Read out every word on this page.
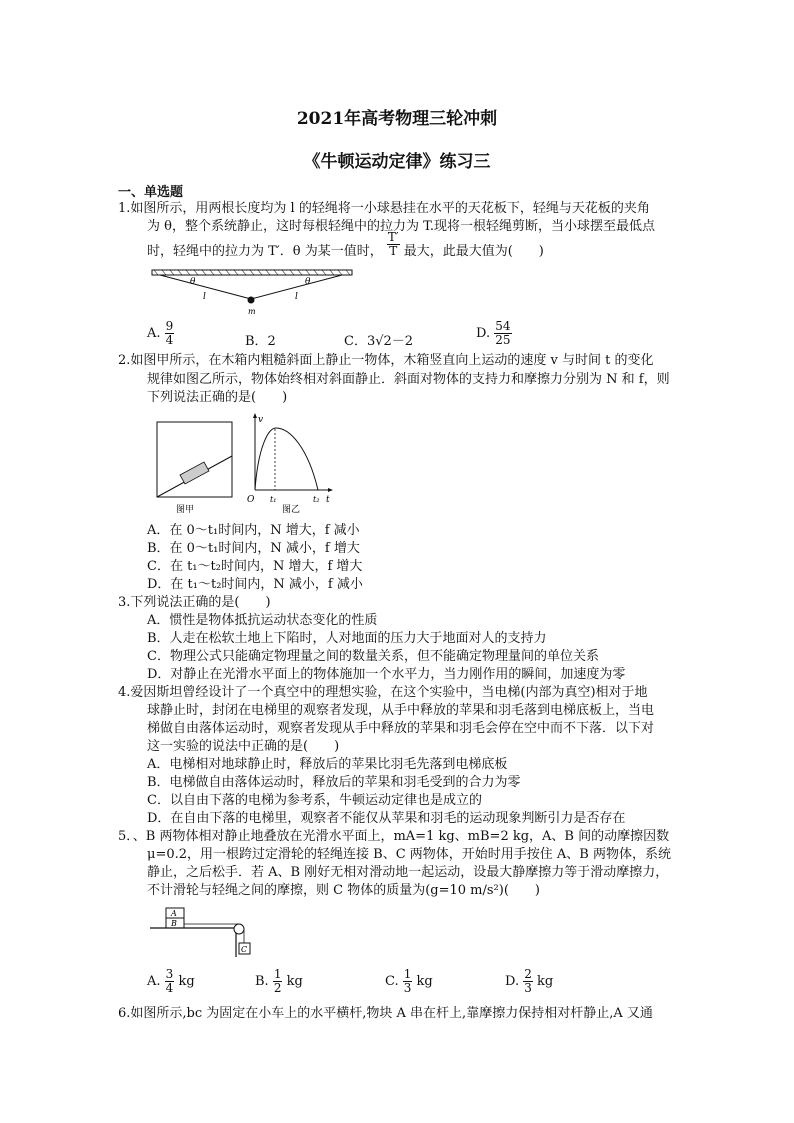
2021年高考物理三轮冲刺
《牛顿运动定律》练习三
一、单选题
1.如图所示，用两根长度均为 l 的轻绳将一小球悬挂在水平的天花板下，轻绳与天花板的夹角
为 θ，整个系统静止，这时每根轻绳中的拉力为 T.现将一根轻绳剪断，当小球摆至最低点
时，轻绳中的拉力为 T′．θ 为某一值时， $\frac{T'}{T}$ 最大，此最大值为(　　)
θ	θ
l	l
m
A. $\frac{9}{4}$	B．2	C．3√2－2
D. $\frac{54}{25}$
2.如图甲所示，在木箱内粗糙斜面上静止一物体，木箱竖直向上运动的速度 v 与时间 t 的变化
规律如图乙所示，物体始终相对斜面静止．斜面对物体的支持力和摩擦力分别为 N 和 f，则
下列说法正确的是(　　)
图甲
v
t
O t₁	t₂
图乙
A．在 0～t₁时间内，N 增大，f 减小
B．在 0～t₁时间内，N 减小，f 增大
C．在 t₁～t₂时间内，N 增大，f 增大
D．在 t₁～t₂时间内，N 减小，f 减小
3.下列说法正确的是(　　)
A．惯性是物体抵抗运动状态变化的性质
B．人走在松软土地上下陷时，人对地面的压力大于地面对人的支持力
C．物理公式只能确定物理量之间的数量关系，但不能确定物理量间的单位关系
D．对静止在光滑水平面上的物体施加一个水平力，当力刚作用的瞬间，加速度为零
4.爱因斯坦曾经设计了一个真空中的理想实验，在这个实验中，当电梯(内部为真空)相对于地
球静止时，封闭在电梯里的观察者发现，从手中释放的苹果和羽毛落到电梯底板上，当电
梯做自由落体运动时，观察者发现从手中释放的苹果和羽毛会停在空中而不下落．以下对
这一实验的说法中正确的是(　　)
A．电梯相对地球静止时，释放后的苹果比羽毛先落到电梯底板
B．电梯做自由落体运动时，释放后的苹果和羽毛受到的合力为零
C．以自由下落的电梯为参考系，牛顿运动定律也是成立的
D．在自由下落的电梯里，观察者不能仅从苹果和羽毛的运动现象判断引力是否存在
5．、B 两物体相对静止地叠放在光滑水平面上，mA=1 kg、mB=2 kg，A、B 间的动摩擦因数
μ=0.2，用一根跨过定滑轮的轻绳连接 B、C 两物体，开始时用手按住 A、B 两物体，系统
静止，之后松手．若 A、B 刚好无相对滑动地一起运动，设最大静摩擦力等于滑动摩擦力，
不计滑轮与轻绳之间的摩擦，则 C 物体的质量为(g=10 m/s²)(　　)
A
B
C
A. $\frac{3}{4}$ kg	B. $\frac{1}{2}$ kg	C. $\frac{1}{3}$ kg	D. $\frac{2}{3}$ kg
6.如图所示,bc 为固定在小车上的水平横杆,物块 A 串在杆上,靠摩擦力保持相对杆静止,A 又通
